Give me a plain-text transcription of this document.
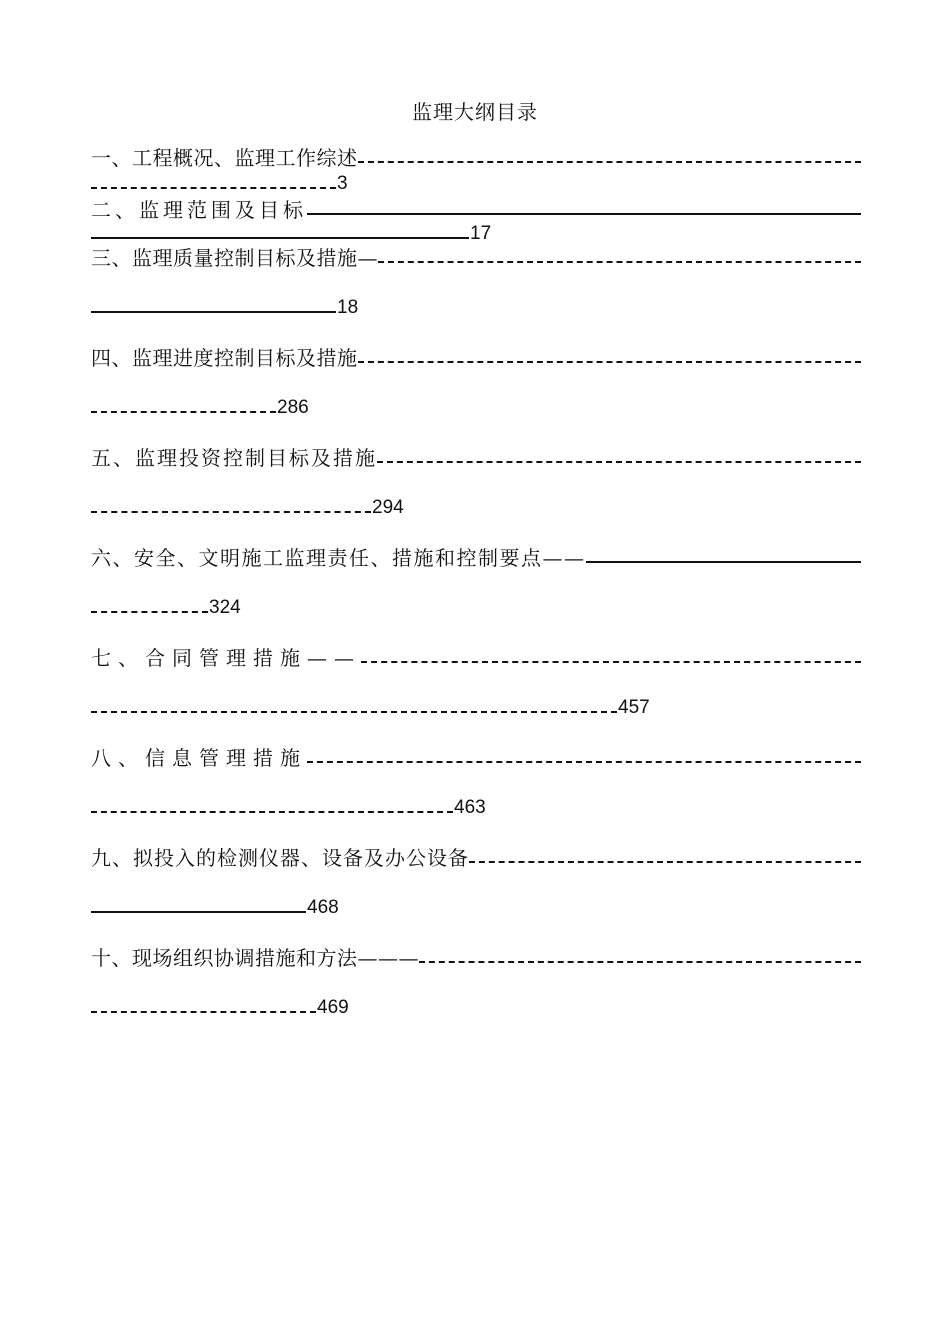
监理大纲目录
一、工程概况、监理工作综述
3
二、监理范围及目标
17
三、监理质量控制目标及措施—
18
四、监理进度控制目标及措施
286
五、监理投资控制目标及措施
294
六、安全、文明施工监理责任、措施和控制要点——
324
七、合同管理措施——
457
八、信息管理措施
463
九、拟投入的检测仪器、设备及办公设备
468
十、现场组织协调措施和方法———
469
